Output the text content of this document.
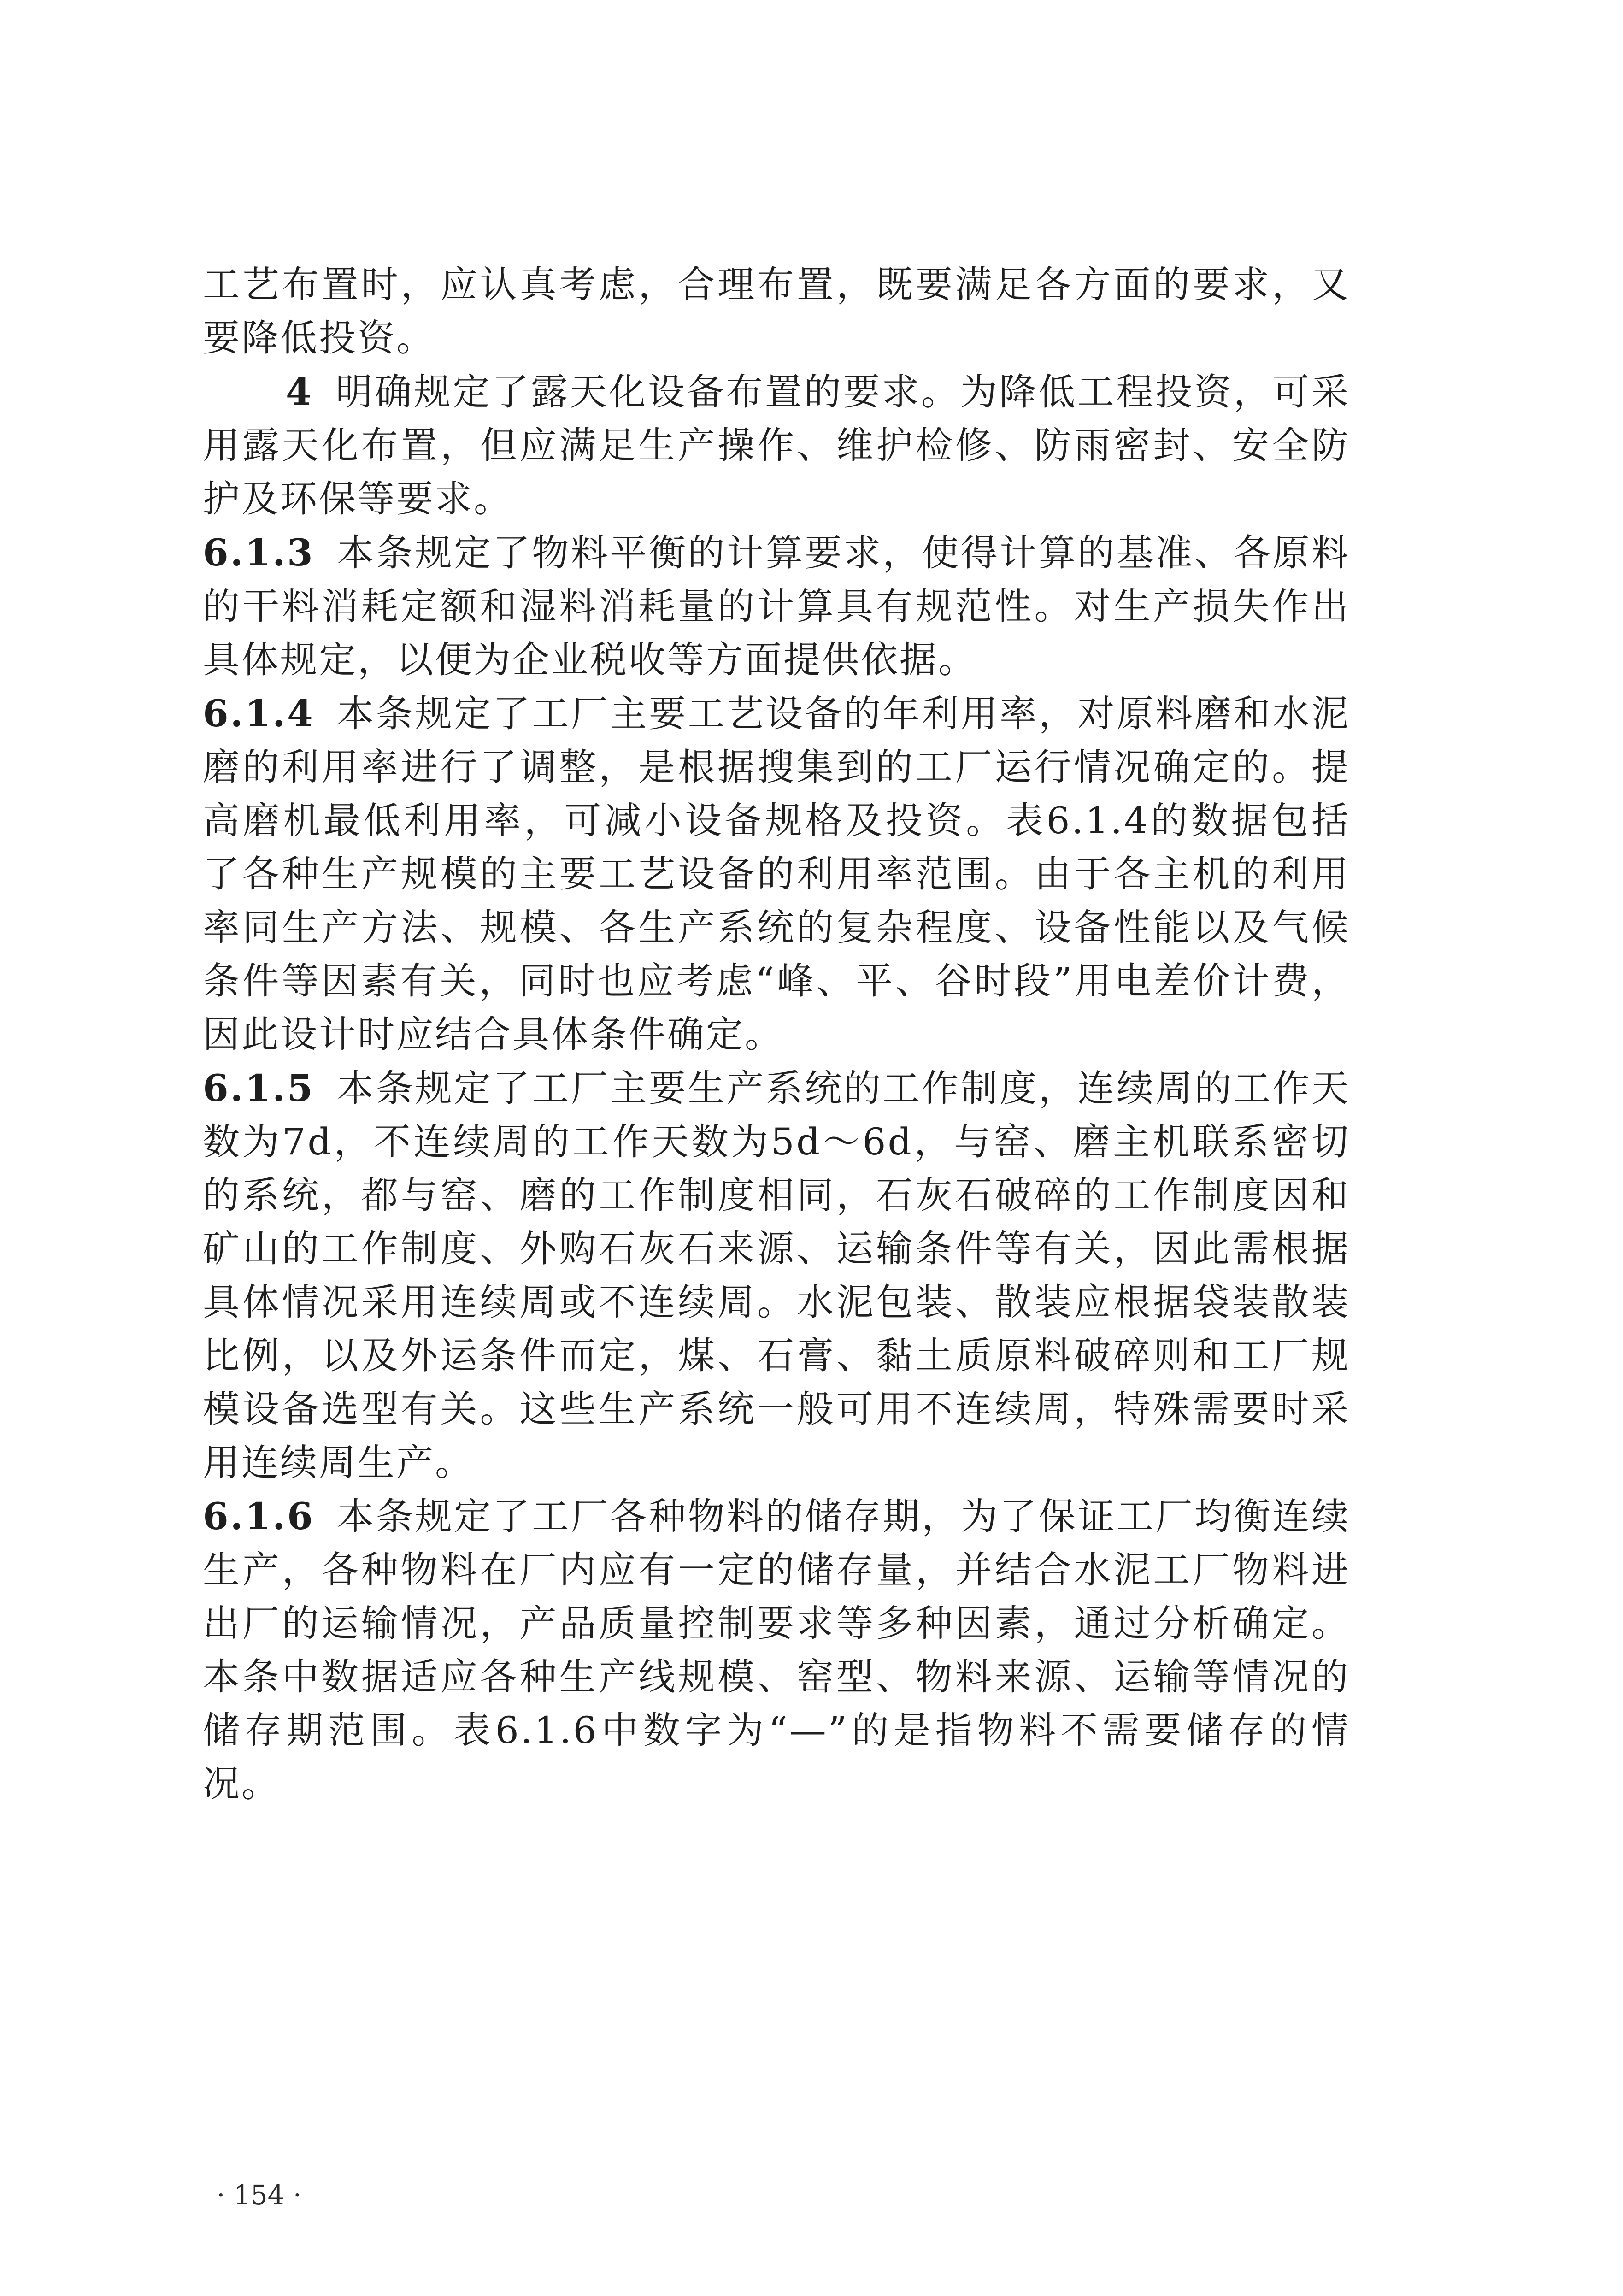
工艺布置时，应认真考虑，合理布置，既要满足各方面的要求，又要降低投资。

4 明确规定了露天化设备布置的要求。为降低工程投资，可采用露天化布置，但应满足生产操作、维护检修、防雨密封、安全防护及环保等要求。

6.1.3 本条规定了物料平衡的计算要求，使得计算的基准、各原料的干料消耗定额和湿料消耗量的计算具有规范性。对生产损失作出具体规定，以便为企业税收等方面提供依据。

6.1.4 本条规定了工厂主要工艺设备的年利用率，对原料磨和水泥磨的利用率进行了调整，是根据搜集到的工厂运行情况确定的。提高磨机最低利用率，可减小设备规格及投资。表6.1.4的数据包括了各种生产规模的主要工艺设备的利用率范围。由于各主机的利用率同生产方法、规模、各生产系统的复杂程度、设备性能以及气候条件等因素有关，同时也应考虑“峰、平、谷时段”用电差价计费，因此设计时应结合具体条件确定。

6.1.5 本条规定了工厂主要生产系统的工作制度，连续周的工作天数为7d，不连续周的工作天数为5d～6d，与窑、磨主机联系密切的系统，都与窑、磨的工作制度相同，石灰石破碎的工作制度因和矿山的工作制度、外购石灰石来源、运输条件等有关，因此需根据具体情况采用连续周或不连续周。水泥包装、散装应根据袋装散装比例，以及外运条件而定，煤、石膏、黏土质原料破碎则和工厂规模设备选型有关。这些生产系统一般可用不连续周，特殊需要时采用连续周生产。

6.1.6 本条规定了工厂各种物料的储存期，为了保证工厂均衡连续生产，各种物料在厂内应有一定的储存量，并结合水泥工厂物料进出厂的运输情况，产品质量控制要求等多种因素，通过分析确定。本条中数据适应各种生产线规模、窑型、物料来源、运输等情况的储存期范围。表6.1.6中数字为“—”的是指物料不需要储存的情况。

· 154 ·
